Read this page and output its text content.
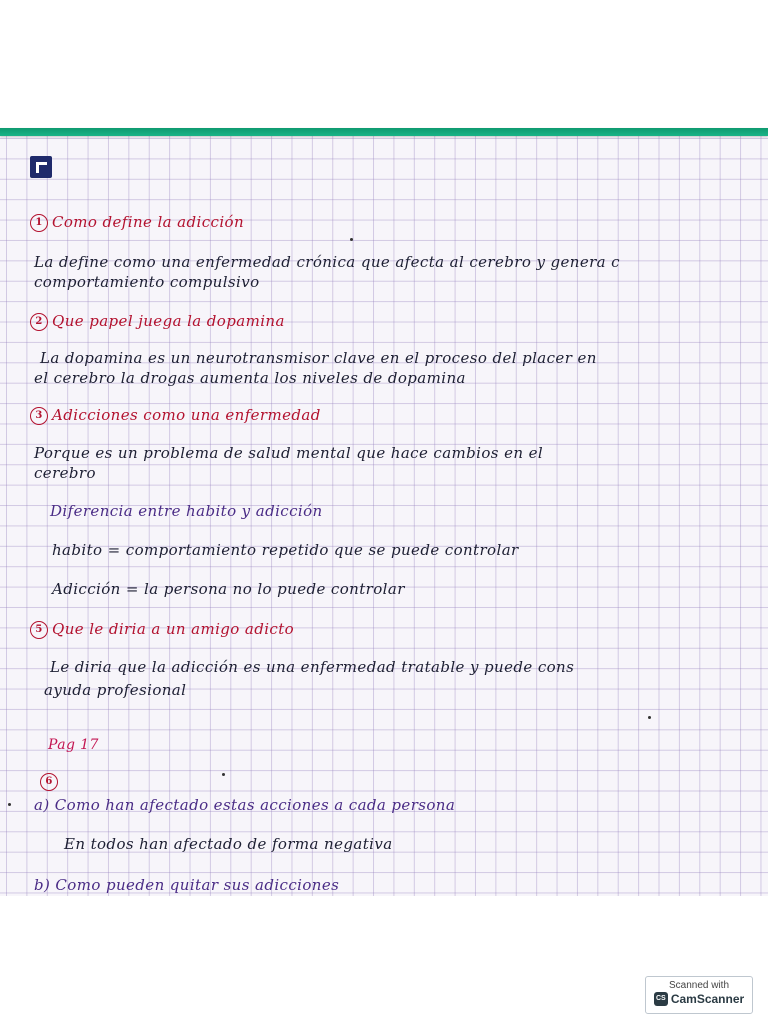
1 Como define la adicción
La define como una enfermedad crónica que afecta al cerebro y genera c
comportamiento compulsivo
2 Que papel juega la dopamina
La dopamina es un neurotransmisor clave en el proceso del placer en
el cerebro la drogas aumenta los niveles de dopamina
3 Adicciones como una enfermedad
Porque es un problema de salud mental que hace cambios en el
cerebro
Diferencia entre habito y adicción
habito = comportamiento repetido que se puede controlar
Adicción = la persona no lo puede controlar
5 Que le diria a un amigo adicto
Le diria que la adicción es una enfermedad tratable y puede cons
ayuda profesional
Pag 17
6
a) Como han afectado estas acciones a cada persona
En todos han afectado de forma negativa
b) Como pueden quitar sus adicciones
Scanned with
CS CamScanner
